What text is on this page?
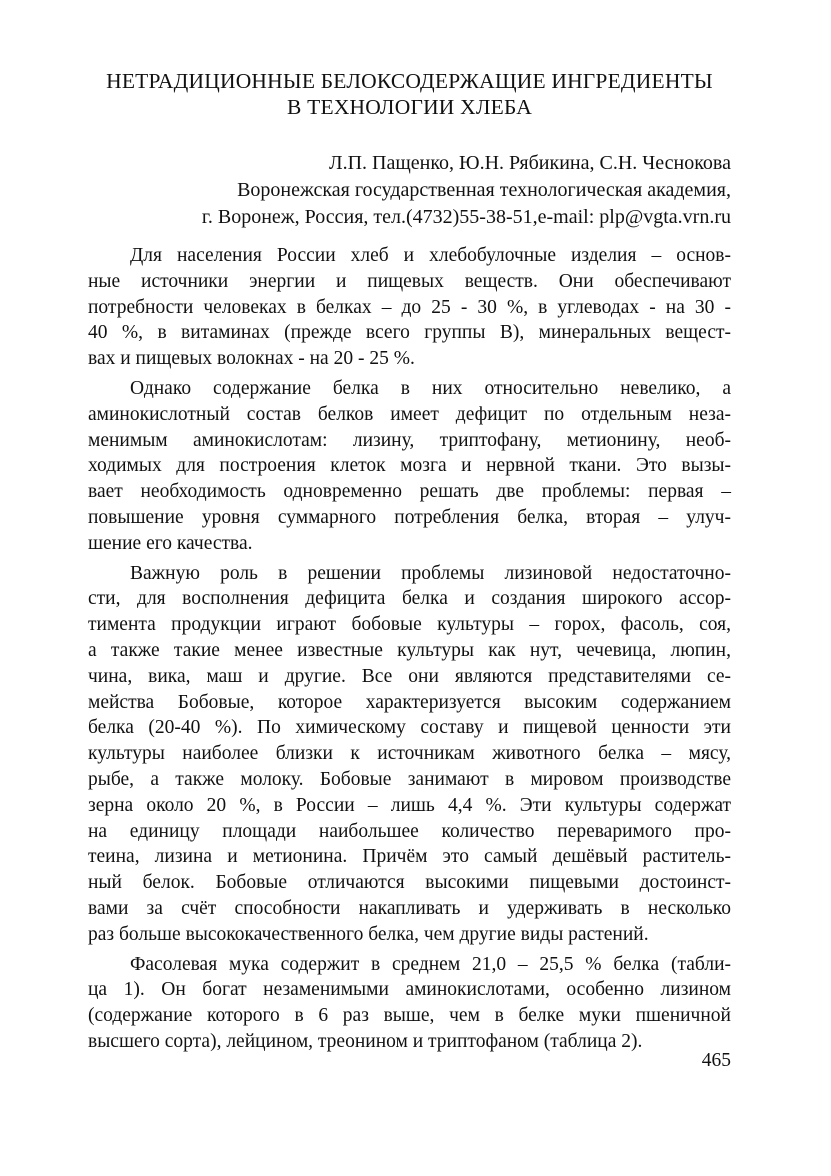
НЕТРАДИЦИОННЫЕ БЕЛОКСОДЕРЖАЩИЕ ИНГРЕДИЕНТЫ
В ТЕХНОЛОГИИ ХЛЕБА
Л.П. Пащенко, Ю.Н. Рябикина, С.Н. Чеснокова
Воронежская государственная технологическая академия,
г. Воронеж, Россия, тел.(4732)55-38-51,e-mail: plp@vgta.vrn.ru
Для населения России хлеб и хлебобулочные изделия – основ-
ные источники энергии и пищевых веществ. Они обеспечивают
потребности человеках в белках – до 25 - 30 %, в углеводах - на 30 -
40 %, в витаминах (прежде всего группы В), минеральных вещест-
вах и пищевых волокнах - на 20 - 25 %.
Однако содержание белка в них относительно невелико, а
аминокислотный состав белков имеет дефицит по отдельным неза-
менимым аминокислотам: лизину, триптофану, метионину, необ-
ходимых для построения клеток мозга и нервной ткани. Это вызы-
вает необходимость одновременно решать две проблемы: первая –
повышение уровня суммарного потребления белка, вторая – улуч-
шение его качества.
Важную роль в решении проблемы лизиновой недостаточно-
сти, для восполнения дефицита белка и создания широкого ассор-
тимента продукции играют бобовые культуры – горох, фасоль, соя,
а также такие менее известные культуры как нут, чечевица, люпин,
чина, вика, маш и другие. Все они являются представителями се-
мейства Бобовые, которое характеризуется высоким содержанием
белка (20-40 %). По химическому составу и пищевой ценности эти
культуры наиболее близки к источникам животного белка – мясу,
рыбе, а также молоку. Бобовые занимают в мировом производстве
зерна около 20 %, в России – лишь 4,4 %. Эти культуры содержат
на единицу площади наибольшее количество переваримого про-
теина, лизина и метионина. Причём это самый дешёвый раститель-
ный белок. Бобовые отличаются высокими пищевыми достоинст-
вами за счёт способности накапливать и удерживать в несколько
раз больше высококачественного белка, чем другие виды растений.
Фасолевая мука содержит в среднем 21,0 – 25,5 % белка (табли-
ца 1). Он богат незаменимыми аминокислотами, особенно лизином
(содержание которого в 6 раз выше, чем в белке муки пшеничной
высшего сорта), лейцином, треонином и триптофаном (таблица 2).
465
